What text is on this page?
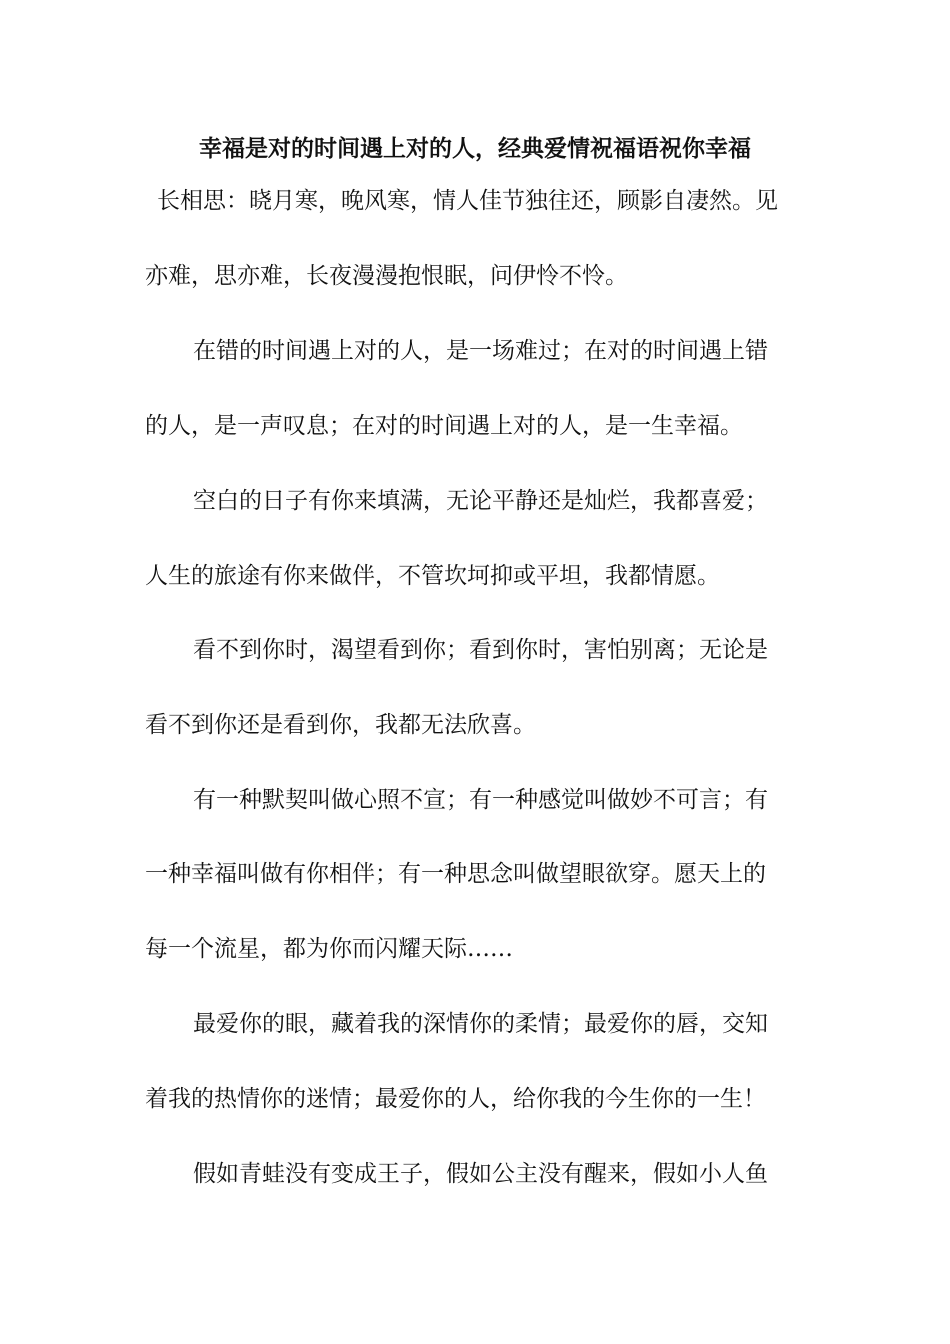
幸福是对的时间遇上对的人，经典爱情祝福语祝你幸福
长相思：晓月寒，晚风寒，情人佳节独往还，顾影自凄然。见
亦难，思亦难，长夜漫漫抱恨眠，问伊怜不怜。
在错的时间遇上对的人，是一场难过；在对的时间遇上错
的人，是一声叹息；在对的时间遇上对的人，是一生幸福。
空白的日子有你来填满，无论平静还是灿烂，我都喜爱；
人生的旅途有你来做伴，不管坎坷抑或平坦，我都情愿。
看不到你时，渴望看到你；看到你时，害怕别离；无论是
看不到你还是看到你，我都无法欣喜。
有一种默契叫做心照不宣；有一种感觉叫做妙不可言；有
一种幸福叫做有你相伴；有一种思念叫做望眼欲穿。愿天上的
每一个流星，都为你而闪耀天际……
最爱你的眼，藏着我的深情你的柔情；最爱你的唇，交知
着我的热情你的迷情；最爱你的人，给你我的今生你的一生！
假如青蛙没有变成王子，假如公主没有醒来，假如小人鱼
